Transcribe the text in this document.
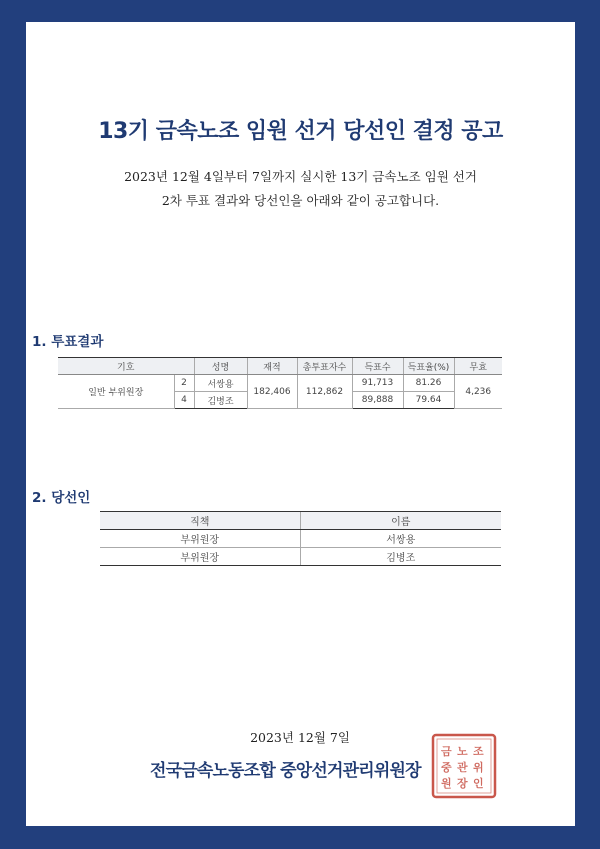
13기 금속노조 임원 선거 당선인 결정 공고
2023년 12월 4일부터 7일까지 실시한 13기 금속노조 임원 선거
2차 투표 결과와 당선인을 아래와 같이 공고합니다.
1. 투표결과
기호		성명	재적	총투표자수	득표수	득표율(%)	무효
일반 부위원장	2	서쌍용	182,406	112,862	91,713	81.26	4,236
	4	김병조			89,888	79.64	
2. 당선인
직책	이름
부위원장	서쌍용
부위원장	김병조
2023년 12월 7일
전국금속노동조합 중앙선거관리위원장
금 노 조
중 관 위
원 장 인
